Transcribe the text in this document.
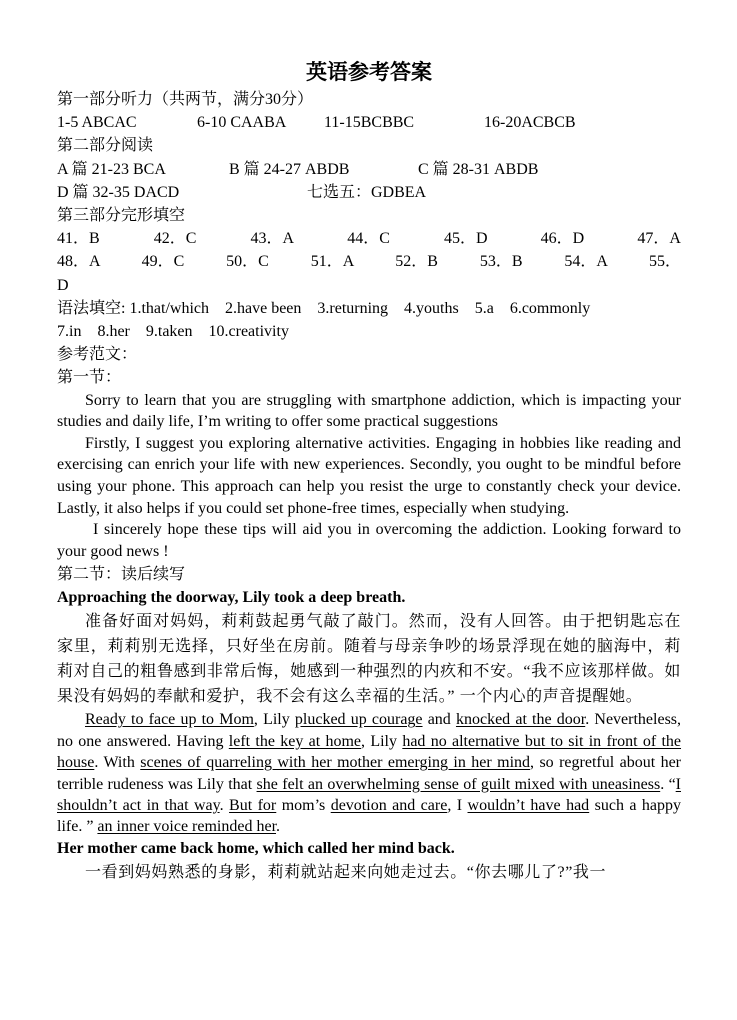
英语参考答案
第一部分听力（共两节，满分30分）
1-5 ABCAC	6-10 CAABA	11-15BCBBC	16-20ACBCB
第二部分阅读
A 篇 21-23 BCA	B 篇 24-27 ABDB	C 篇 28-31 ABDB
D 篇 32-35 DACD	七选五：GDBEA
第三部分完形填空
41．B	42．C	43．A	44．C	45．D	46．D	47．A
48．A	49．C	50．C	51．A	52．B	53．B	54．A	55．
D
语法填空: 1.that/which    2.have been    3.returning    4.youths    5.a    6.commonly
7.in    8.her    9.taken    10.creativity
参考范文：
第一节：
Sorry to learn that you are struggling with smartphone addiction, which is impacting your studies and daily life, I’m writing to offer some practical suggestions
Firstly, I suggest you exploring alternative activities. Engaging in hobbies like reading and exercising can enrich your life with new experiences. Secondly, you ought to be mindful before using your phone. This approach can help you resist the urge to constantly check your device. Lastly, it also helps if you could set phone-free times, especially when studying.
I sincerely hope these tips will aid you in overcoming the addiction. Looking forward to your good news !
第二节：读后续写
Approaching the doorway, Lily took a deep breath.
准备好面对妈妈，莉莉鼓起勇气敲了敲门。然而，没有人回答。由于把钥匙忘在家里，莉莉别无选择，只好坐在房前。随着与母亲争吵的场景浮现在她的脑海中，莉莉对自己的粗鲁感到非常后悔，她感到一种强烈的内疚和不安。“我不应该那样做。如果没有妈妈的奉献和爱护，我不会有这么幸福的生活。” 一个内心的声音提醒她。
Ready to face up to Mom, Lily plucked up courage and knocked at the door. Nevertheless, no one answered. Having left the key at home, Lily had no alternative but to sit in front of the house. With scenes of quarreling with her mother emerging in her mind, so regretful about her terrible rudeness was Lily that she felt an overwhelming sense of guilt mixed with uneasiness. “I shouldn’t act in that way. But for mom’s devotion and care, I wouldn’t have had such a happy life. ” an inner voice reminded her.
Her mother came back home, which called her mind back.
一看到妈妈熟悉的身影，莉莉就站起来向她走过去。“你去哪儿了?”我一
